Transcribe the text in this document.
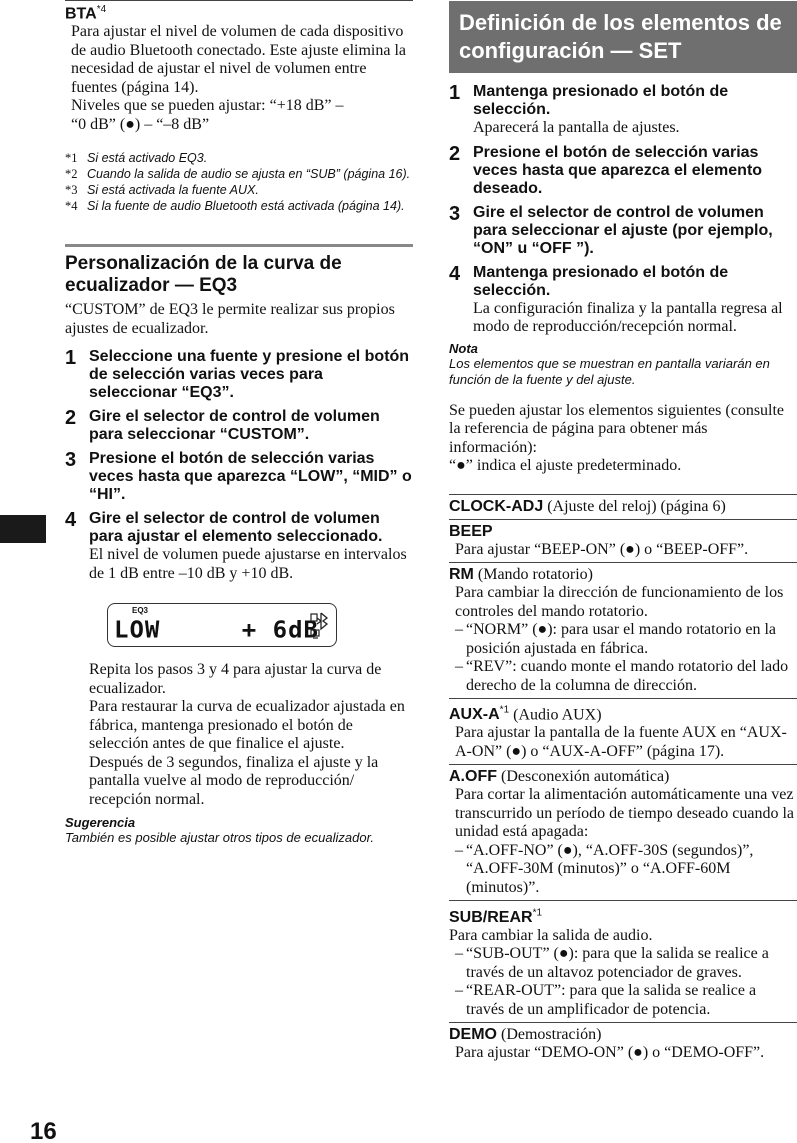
16
BTA$^{*4}$
Para ajustar el nivel de volumen de cada dispositivo de audio Bluetooth conectado. Este ajuste elimina la necesidad de ajustar el nivel de volumen entre fuentes (página 14).
Niveles que se pueden ajustar: “+18 dB” –
“0 dB” (●) – “–8 dB”
*1 Si está activado EQ3.
*2 Cuando la salida de audio se ajusta en “SUB” (página 16).
*3 Si está activada la fuente AUX.
*4 Si la fuente de audio Bluetooth está activada (página 14).
Personalización de la curva de ecualizador — EQ3
“CUSTOM” de EQ3 le permite realizar sus propios ajustes de ecualizador.
1 Seleccione una fuente y presione el botón de selección varias veces para seleccionar “EQ3”.
2 Gire el selector de control de volumen para seleccionar “CUSTOM”.
3 Presione el botón de selección varias veces hasta que aparezca “LOW”, “MID” o “HI”.
4 Gire el selector de control de volumen para ajustar el elemento seleccionado.
El nivel de volumen puede ajustarse en intervalos de 1 dB entre –10 dB y +10 dB.
EQ3
LOW	+ 6dB
Repita los pasos 3 y 4 para ajustar la curva de ecualizador.
Para restaurar la curva de ecualizador ajustada en fábrica, mantenga presionado el botón de selección antes de que finalice el ajuste.
Después de 3 segundos, finaliza el ajuste y la pantalla vuelve al modo de reproducción/ recepción normal.
Sugerencia
También es posible ajustar otros tipos de ecualizador.
Definición de los elementos de configuración — SET
1 Mantenga presionado el botón de selección.
Aparecerá la pantalla de ajustes.
2 Presione el botón de selección varias veces hasta que aparezca el elemento deseado.
3 Gire el selector de control de volumen para seleccionar el ajuste (por ejemplo, “ON” u “OFF ”).
4 Mantenga presionado el botón de selección.
La configuración finaliza y la pantalla regresa al modo de reproducción/recepción normal.
Nota
Los elementos que se muestran en pantalla variarán en función de la fuente y del ajuste.
Se pueden ajustar los elementos siguientes (consulte la referencia de página para obtener más información):
“●” indica el ajuste predeterminado.
CLOCK-ADJ (Ajuste del reloj) (página 6)
BEEP
Para ajustar “BEEP-ON” (●) o “BEEP-OFF”.
RM (Mando rotatorio)
Para cambiar la dirección de funcionamiento de los controles del mando rotatorio.
– “NORM” (●): para usar el mando rotatorio en la posición ajustada en fábrica.
– “REV”: cuando monte el mando rotatorio del lado derecho de la columna de dirección.
AUX-$A^{*1}$ (Audio AUX)
Para ajustar la pantalla de la fuente AUX en “AUX-A-ON” (●) o “AUX-A-OFF” (página 17).
A.OFF (Desconexión automática)
Para cortar la alimentación automáticamente una vez transcurrido un período de tiempo deseado cuando la unidad está apagada:
– “A.OFF-NO” (●), “A.OFF-30S (segundos)”, “A.OFF-30M (minutos)” o “A.OFF-60M (minutos)”.
SUB/REAR$^{*1}$
Para cambiar la salida de audio.
– “SUB-OUT” (●): para que la salida se realice a través de un altavoz potenciador de graves.
– “REAR-OUT”: para que la salida se realice a través de un amplificador de potencia.
DEMO (Demostración)
Para ajustar “DEMO-ON” (●) o “DEMO-OFF”.
